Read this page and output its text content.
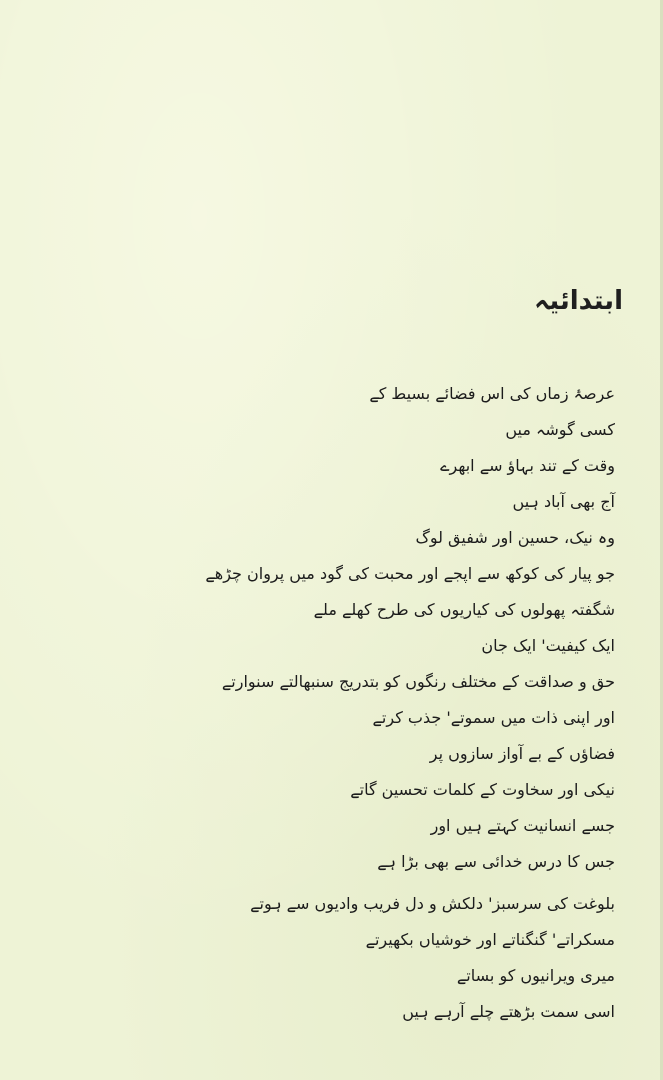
ابتدائیہ
عرصۂ زماں کی اس فضائے بسیط کے
کسی گوشہ میں
وقت کے تند بہاؤ سے ابھرے
آج بھی آباد ہیں
وہ نیک، حسین اور شفیق لوگ
جو پیار کی کوکھ سے اپجے اور محبت کی گود میں پروان چڑھے
شگفتہ پھولوں کی کیاریوں کی طرح کھلے ملے
ایک کیفیت' ایک جان
حق و صداقت کے مختلف رنگوں کو بتدریج سنبھالتے سنوارتے
اور اپنی ذات میں سموتے' جذب کرتے
فضاؤں کے بے آواز سازوں پر
نیکی اور سخاوت کے کلمات تحسین گاتے
جسے انسانیت کہتے ہیں اور
جس کا درس خدائی سے بھی بڑا ہے
بلوغت کی سرسبز' دلکش و دل فریب وادیوں سے ہوتے
مسکراتے' گنگناتے اور خوشیاں بکھیرتے
میری ویرانیوں کو بساتے
اسی سمت بڑھتے چلے آرہے ہیں
